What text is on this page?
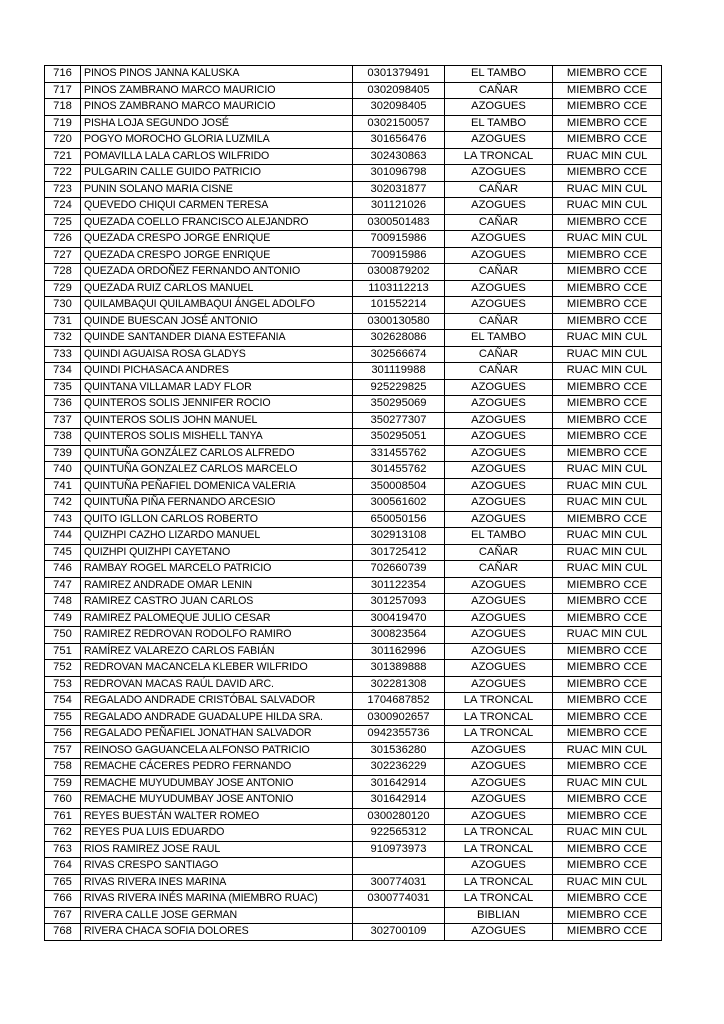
716	PINOS PINOS JANNA KALUSKA	0301379491	EL TAMBO	MIEMBRO CCE
717	PINOS ZAMBRANO MARCO MAURICIO	0302098405	CAÑAR	MIEMBRO CCE
718	PINOS ZAMBRANO MARCO MAURICIO	302098405	AZOGUES	MIEMBRO CCE
719	PISHA LOJA SEGUNDO JOSÉ	0302150057	EL TAMBO	MIEMBRO CCE
720	POGYO MOROCHO GLORIA LUZMILA	301656476	AZOGUES	MIEMBRO CCE
721	POMAVILLA LALA CARLOS WILFRIDO	302430863	LA TRONCAL	RUAC MIN CUL
722	PULGARIN CALLE GUIDO PATRICIO	301096798	AZOGUES	MIEMBRO CCE
723	PUNIN SOLANO MARIA CISNE	302031877	CAÑAR	RUAC MIN CUL
724	QUEVEDO CHIQUI CARMEN TERESA	301121026	AZOGUES	RUAC MIN CUL
725	QUEZADA COELLO FRANCISCO ALEJANDRO	0300501483	CAÑAR	MIEMBRO CCE
726	QUEZADA CRESPO JORGE ENRIQUE	700915986	AZOGUES	RUAC MIN CUL
727	QUEZADA CRESPO JORGE ENRIQUE	700915986	AZOGUES	MIEMBRO CCE
728	QUEZADA ORDOÑEZ FERNANDO ANTONIO	0300879202	CAÑAR	MIEMBRO CCE
729	QUEZADA RUIZ CARLOS MANUEL	1103112213	AZOGUES	MIEMBRO CCE
730	QUILAMBAQUI QUILAMBAQUI ÁNGEL ADOLFO	101552214	AZOGUES	MIEMBRO CCE
731	QUINDE BUESCAN JOSÉ ANTONIO	0300130580	CAÑAR	MIEMBRO CCE
732	QUINDE SANTANDER DIANA ESTEFANIA	302628086	EL TAMBO	RUAC MIN CUL
733	QUINDI AGUAISA ROSA GLADYS	302566674	CAÑAR	RUAC MIN CUL
734	QUINDI PICHASACA ANDRES	301119988	CAÑAR	RUAC MIN CUL
735	QUINTANA VILLAMAR LADY FLOR	925229825	AZOGUES	MIEMBRO CCE
736	QUINTEROS SOLIS JENNIFER ROCIO	350295069	AZOGUES	MIEMBRO CCE
737	QUINTEROS SOLIS JOHN MANUEL	350277307	AZOGUES	MIEMBRO CCE
738	QUINTEROS SOLIS MISHELL TANYA	350295051	AZOGUES	MIEMBRO CCE
739	QUINTUÑA GONZÁLEZ CARLOS ALFREDO	331455762	AZOGUES	MIEMBRO CCE
740	QUINTUÑA GONZALEZ CARLOS MARCELO	301455762	AZOGUES	RUAC MIN CUL
741	QUINTUÑA PEÑAFIEL DOMENICA VALERIA	350008504	AZOGUES	RUAC MIN CUL
742	QUINTUÑA PIÑA FERNANDO ARCESIO	300561602	AZOGUES	RUAC MIN CUL
743	QUITO IGLLON CARLOS ROBERTO	650050156	AZOGUES	MIEMBRO CCE
744	QUIZHPI CAZHO LIZARDO MANUEL	302913108	EL TAMBO	RUAC MIN CUL
745	QUIZHPI QUIZHPI CAYETANO	301725412	CAÑAR	RUAC MIN CUL
746	RAMBAY ROGEL MARCELO PATRICIO	702660739	CAÑAR	RUAC MIN CUL
747	RAMIREZ ANDRADE OMAR LENIN	301122354	AZOGUES	MIEMBRO CCE
748	RAMIREZ CASTRO JUAN CARLOS	301257093	AZOGUES	MIEMBRO CCE
749	RAMIREZ PALOMEQUE JULIO CESAR	300419470	AZOGUES	MIEMBRO CCE
750	RAMIREZ REDROVAN RODOLFO RAMIRO	300823564	AZOGUES	RUAC MIN CUL
751	RAMÍREZ VALAREZO CARLOS FABIÁN	301162996	AZOGUES	MIEMBRO CCE
752	REDROVAN MACANCELA KLEBER WILFRIDO	301389888	AZOGUES	MIEMBRO CCE
753	REDROVAN MACAS RAÚL DAVID ARC.	302281308	AZOGUES	MIEMBRO CCE
754	REGALADO ANDRADE CRISTÓBAL SALVADOR	1704687852	LA TRONCAL	MIEMBRO CCE
755	REGALADO ANDRADE GUADALUPE HILDA SRA.	0300902657	LA TRONCAL	MIEMBRO CCE
756	REGALADO PEÑAFIEL JONATHAN SALVADOR	0942355736	LA TRONCAL	MIEMBRO CCE
757	REINOSO GAGUANCELA ALFONSO PATRICIO	301536280	AZOGUES	RUAC MIN CUL
758	REMACHE CÁCERES PEDRO FERNANDO	302236229	AZOGUES	MIEMBRO CCE
759	REMACHE MUYUDUMBAY JOSE ANTONIO	301642914	AZOGUES	RUAC MIN CUL
760	REMACHE MUYUDUMBAY JOSE ANTONIO	301642914	AZOGUES	MIEMBRO CCE
761	REYES BUESTÁN WALTER ROMEO	0300280120	AZOGUES	MIEMBRO CCE
762	REYES PUA LUIS EDUARDO	922565312	LA TRONCAL	RUAC MIN CUL
763	RIOS RAMIREZ JOSE RAUL	910973973	LA TRONCAL	MIEMBRO CCE
764	RIVAS CRESPO SANTIAGO		AZOGUES	MIEMBRO CCE
765	RIVAS RIVERA INES MARINA	300774031	LA TRONCAL	RUAC MIN CUL
766	RIVAS RIVERA INÉS MARINA (MIEMBRO RUAC)	0300774031	LA TRONCAL	MIEMBRO CCE
767	RIVERA CALLE JOSE GERMAN		BIBLIAN	MIEMBRO CCE
768	RIVERA CHACA SOFIA DOLORES	302700109	AZOGUES	MIEMBRO CCE
